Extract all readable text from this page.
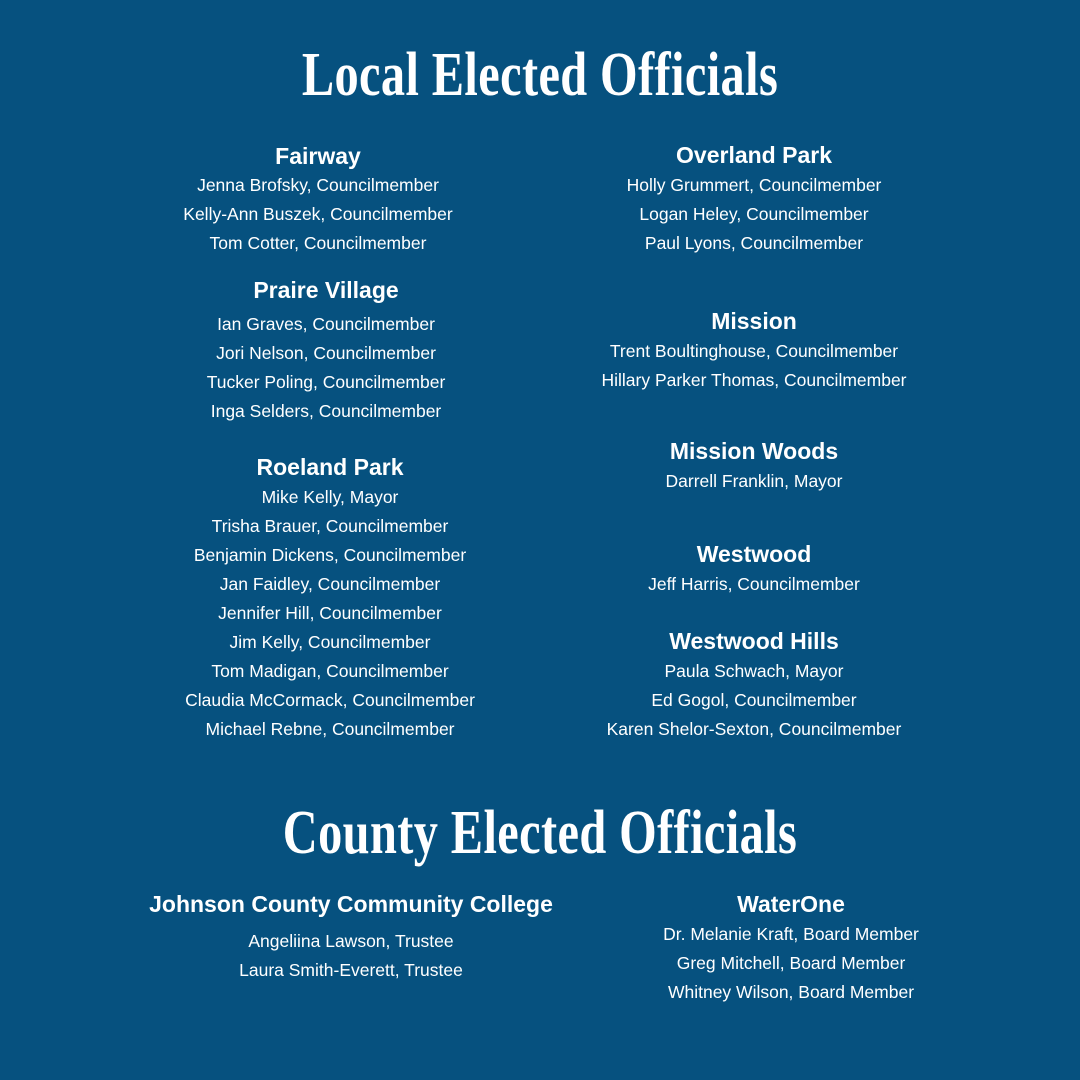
Local Elected Officials
County Elected Officials
Fairway
Jenna Brofsky, Councilmember
Kelly-Ann Buszek, Councilmember
Tom Cotter, Councilmember
Praire Village
Ian Graves, Councilmember
Jori Nelson, Councilmember
Tucker Poling, Councilmember
Inga Selders, Councilmember
Roeland Park
Mike Kelly, Mayor
Trisha Brauer, Councilmember
Benjamin Dickens, Councilmember
Jan Faidley, Councilmember
Jennifer Hill, Councilmember
Jim Kelly, Councilmember
Tom Madigan, Councilmember
Claudia McCormack, Councilmember
Michael Rebne, Councilmember
Overland Park
Holly Grummert, Councilmember
Logan Heley, Councilmember
Paul Lyons, Councilmember
Mission
Trent Boultinghouse, Councilmember
Hillary Parker Thomas, Councilmember
Mission Woods
Darrell Franklin, Mayor
Westwood
Jeff Harris, Councilmember
Westwood Hills
Paula Schwach, Mayor
Ed Gogol, Councilmember
Karen Shelor-Sexton, Councilmember
Johnson County Community College
Angeliina Lawson, Trustee
Laura Smith-Everett, Trustee
WaterOne
Dr. Melanie Kraft, Board Member
Greg Mitchell, Board Member
Whitney Wilson, Board Member
